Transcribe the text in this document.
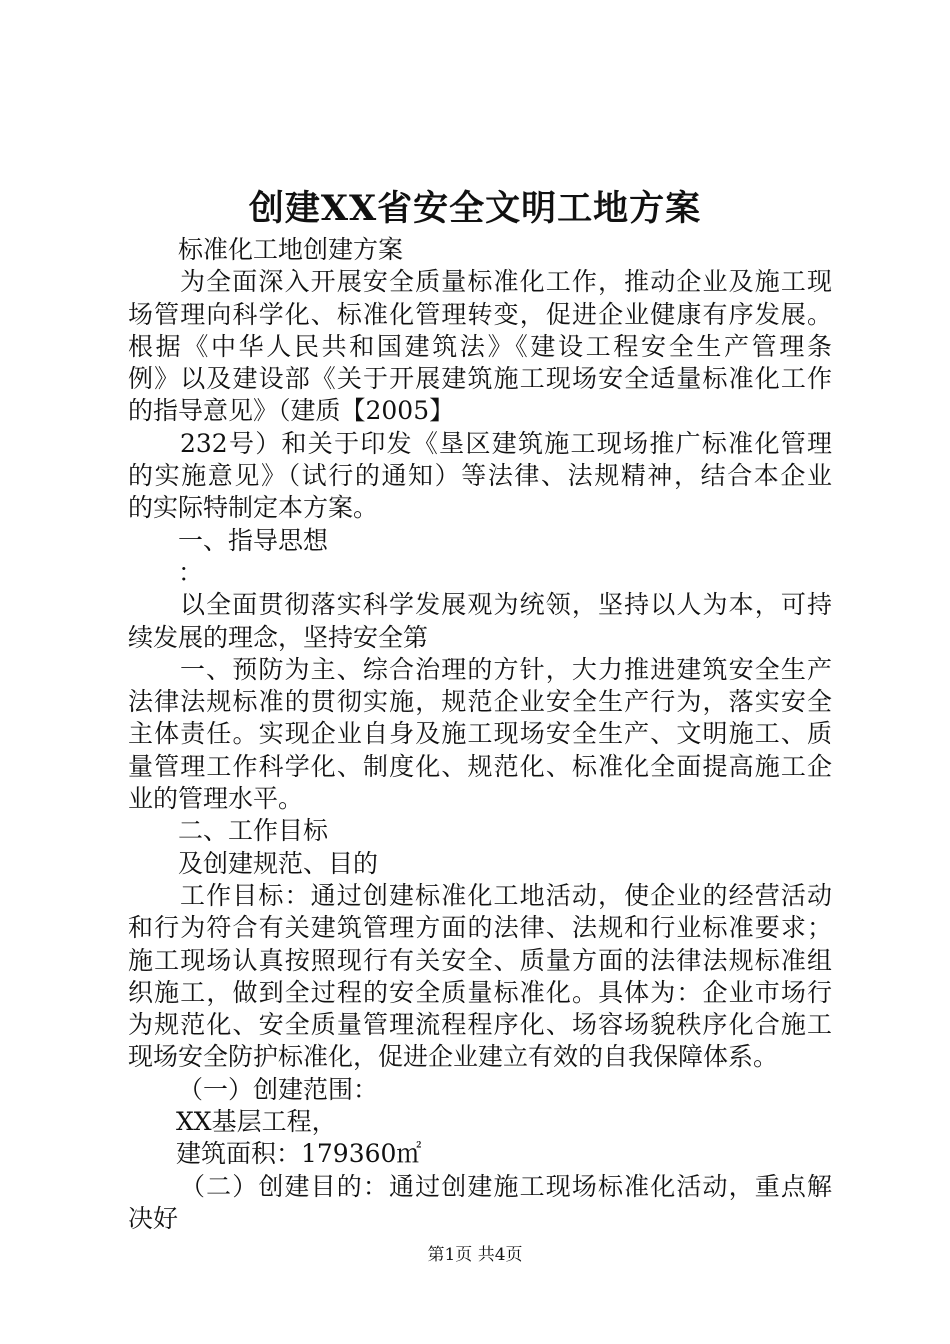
创建XX省安全文明工地方案
标准化工地创建方案
为全面深入开展安全质量标准化工作，推动企业及施工现
场管理向科学化、标准化管理转变，促进企业健康有序发展。
根据《中华人民共和国建筑法》《建设工程安全生产管理条
例》以及建设部《关于开展建筑施工现场安全适量标准化工作
的指导意见》（建质【2005】
232号）和关于印发《垦区建筑施工现场推广标准化管理
的实施意见》（试行的通知）等法律、法规精神，结合本企业
的实际特制定本方案。
一、指导思想
：
以全面贯彻落实科学发展观为统领，坚持以人为本，可持
续发展的理念，坚持安全第
一、预防为主、综合治理的方针，大力推进建筑安全生产
法律法规标准的贯彻实施，规范企业安全生产行为，落实安全
主体责任。实现企业自身及施工现场安全生产、文明施工、质
量管理工作科学化、制度化、规范化、标准化全面提高施工企
业的管理水平。
二、工作目标
及创建规范、目的
工作目标：通过创建标准化工地活动，使企业的经营活动
和行为符合有关建筑管理方面的法律、法规和行业标准要求；
施工现场认真按照现行有关安全、质量方面的法律法规标准组
织施工，做到全过程的安全质量标准化。具体为：企业市场行
为规范化、安全质量管理流程程序化、场容场貌秩序化合施工
现场安全防护标准化，促进企业建立有效的自我保障体系。
（一）创建范围：
XX基层工程，
建筑面积：179360㎡
（二）创建目的：通过创建施工现场标准化活动，重点解
决好
第1页 共4页
